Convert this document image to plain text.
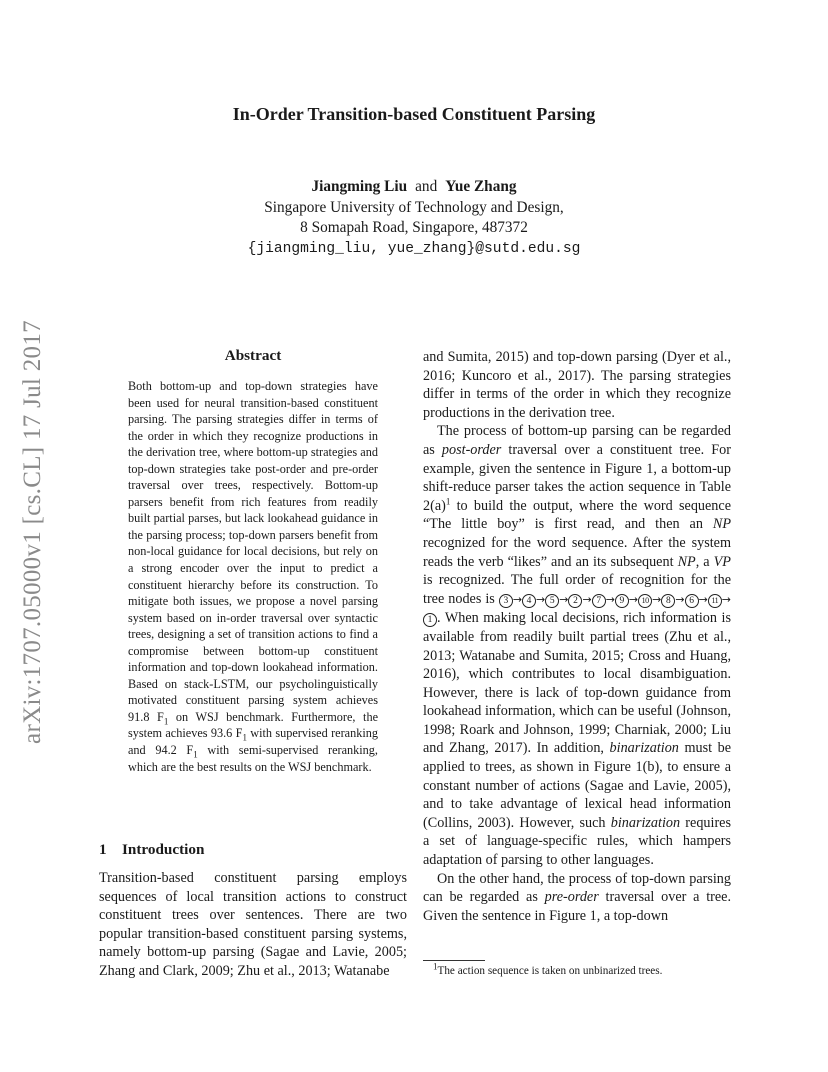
In-Order Transition-based Constituent Parsing
Jiangming Liu and Yue Zhang
Singapore University of Technology and Design,
8 Somapah Road, Singapore, 487372
{jiangming_liu, yue_zhang}@sutd.edu.sg
arXiv:1707.05000v1 [cs.CL] 17 Jul 2017	Abstract

Both bottom-up and top-down strategies have been used for neural transition-based constituent parsing. The parsing strategies differ in terms of the order in which they recognize productions in the derivation tree, where bottom-up strategies and top-down strategies take post-order and pre-order traversal over trees, respectively. Bottom-up parsers benefit from rich features from readily built partial parses, but lack lookahead guidance in the parsing process; top-down parsers benefit from non-local guidance for local decisions, but rely on a strong encoder over the input to predict a constituent hierarchy before its construction. To mitigate both issues, we propose a novel parsing system based on in-order traversal over syntactic trees, designing a set of transition actions to find a compromise between bottom-up constituent information and top-down lookahead information. Based on stack-LSTM, our psycholinguistically motivated constituent parsing system achieves 91.8 $F_1$ on WSJ benchmark. Furthermore, the system achieves 93.6 $F_1$ with supervised reranking and 94.2 $F_1$ with semi-supervised reranking, which are the best results on the WSJ benchmark.

1 Introduction

Transition-based constituent parsing employs sequences of local transition actions to construct constituent trees over sentences. There are two popular transition-based constituent parsing systems, namely bottom-up parsing (Sagae and Lavie, 2005; Zhang and Clark, 2009; Zhu et al., 2013; Watanabe

and Sumita, 2015) and top-down parsing (Dyer et al., 2016; Kuncoro et al., 2017). The parsing strategies differ in terms of the order in which they recognize productions in the derivation tree.

The process of bottom-up parsing can be regarded as post-order traversal over a constituent tree. For example, given the sentence in Figure 1, a bottom-up shift-reduce parser takes the action sequence in Table $2(a)^1$ to build the output, where the word sequence “The little boy” is first read, and then an NP recognized for the word sequence. After the system reads the verb “likes” and an its subsequent NP, a VP is recognized. The full order of recognition for the tree nodes is 3 → 4 → 5 → 2 → 7 → 9 → 10 → 8 → 6 → 11 →1 . When making local decisions, rich information is available from readily built partial trees (Zhu et al., 2013; Watanabe and Sumita, 2015; Cross and Huang, 2016), which contributes to local disambiguation. However, there is lack of top-down guidance from lookahead information, which can be useful (Johnson, 1998; Roark and Johnson, 1999; Charniak, 2000; Liu and Zhang, 2017). In addition, binarization must be applied to trees, as shown in Figure 1(b), to ensure a constant number of actions (Sagae and Lavie, 2005), and to take advantage of lexical head information (Collins, 2003). However, such binarization requires a set of language-specific rules, which hampers adaptation of parsing to other languages.

On the other hand, the process of top-down parsing can be regarded as pre-order traversal over a tree. Given the sentence in Figure 1, a top-down

$^1$The action sequence is taken on unbinarized trees.
